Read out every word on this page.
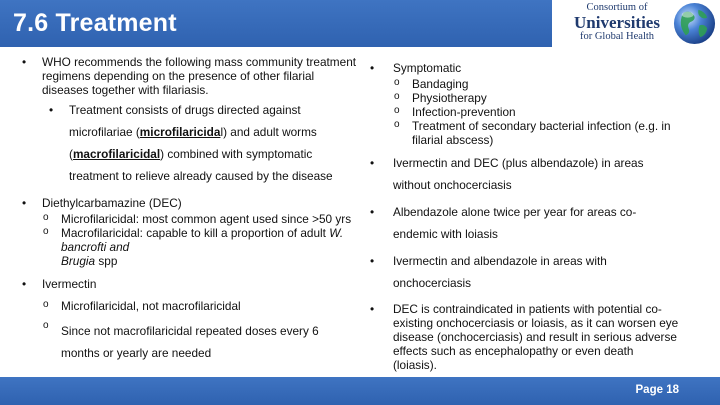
7.6 Treatment
Consortium of
Universities
for Global Health
• WHO recommends the following mass community treatment regimens depending on the presence of other filarial diseases together with filariasis.
• Treatment consists of drugs directed against
microfilariae (microfilaricidal) and adult worms
(macrofilaricidal) combined with symptomatic
treatment to relieve already caused by the disease
• Diethylcarbamazine (DEC)
o Microfilaricidal: most common agent used since >50 yrs
o Macrofilaricidal: capable to kill a proportion of adult W. bancrofti and
Brugia spp
• Ivermectin
o Microfilaricidal, not macrofilaricidal
o Since not macrofilaricidal repeated doses every 6
months or yearly are needed
• Symptomatic
o Bandaging
o Physiotherapy
o Infection-prevention
o Treatment of secondary bacterial infection (e.g. in filarial abscess)
• Ivermectin and DEC (plus albendazole) in areas without onchocerciasis
• Albendazole alone twice per year for areas co-endemic with loiasis
• Ivermectin and albendazole in areas with onchocerciasis
• DEC is contraindicated in patients with potential co-existing onchocerciasis or loiasis, as it can worsen eye disease (onchocerciasis) and result in serious adverse effects such as encephalopathy or even death (loiasis).
Page 18
